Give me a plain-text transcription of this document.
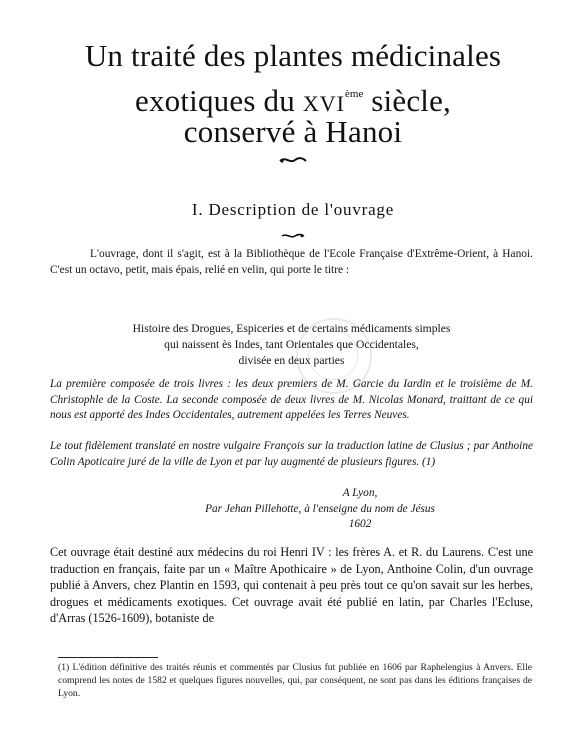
Un traité des plantes médicinales
exotiques du XVIème siècle,
conservé à Hanoi
I. Description de l'ouvrage
L'ouvrage, dont il s'agit, est à la Bibliothèque de l'Ecole Française d'Extrême-Orient, à Hanoi. C'est un octavo, petit, mais épais, relié en velin, qui porte le titre :
Histoire des Drogues, Espiceries et de certains médicaments simples
qui naissent ès Indes, tant Orientales que Occidentales,
divisée en deux parties
La première composée de trois livres : les deux premiers de M. Garcie du Iardin et le troisième de M. Christophle de la Coste. La seconde composée de deux livres de M. Nicolas Monard, traittant de ce qui nous est apporté des Indes Occidentales, autrement appelées les Terres Neuves.
Le tout fidèlement translaté en nostre vulgaire François sur la traduction latine de Clusius ; par Anthoine Colin Apoticaire juré de la ville de Lyon et par luy augmenté de plusieurs figures. (1)
A Lyon,
Par Jehan Pillehotte, à l'enseigne du nom de Jésus
1602
Cet ouvrage était destiné aux médecins du roi Henri IV : les frères A. et R. du Laurens. C'est une traduction en français, faite par un « Maître Apothicaire » de Lyon, Anthoine Colin, d'un ouvrage publié à Anvers, chez Plantin en 1593, qui contenait à peu près tout ce qu'on savait sur les herbes, drogues et médicaments exotiques. Cet ouvrage avait été publié en latin, par Charles l'Ecluse, d'Arras (1526-1609), botaniste de
(1) L'édition définitive des traités réunis et commentés par Clusius fut publiée en 1606 par Raphelengius à Anvers. Elle comprend les notes de 1582 et quelques figures nouvelles, qui, par conséquent, ne sont pas dans les éditions françaises de Lyon.
